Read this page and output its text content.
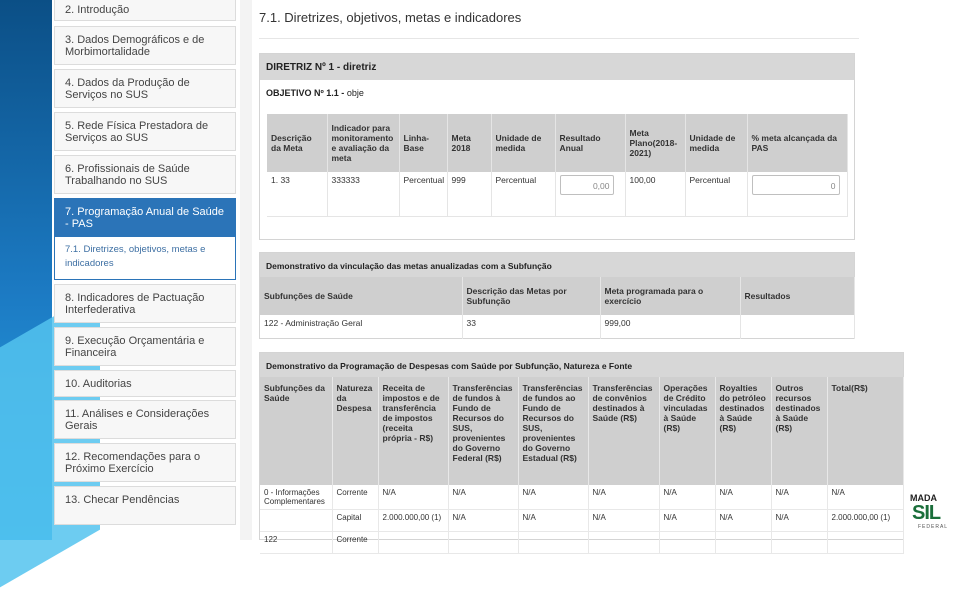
2. Introdução
3. Dados Demográficos e de Morbimortalidade
4. Dados da Produção de Serviços no SUS
5. Rede Física Prestadora de Serviços ao SUS
6. Profissionais de Saúde Trabalhando no SUS
7. Programação Anual de Saúde - PAS
7.1. Diretrizes, objetivos, metas e indicadores
8. Indicadores de Pactuação Interfederativa
9. Execução Orçamentária e Financeira
10. Auditorias
11. Análises e Considerações Gerais
12. Recomendações para o Próximo Exercício
13. Checar Pendências
7.1. Diretrizes, objetivos, metas e indicadores
DIRETRIZ Nº 1 - diretriz
OBJETIVO Nº 1.1 - obje
Descrição da Meta	Indicador para monitoramento e avaliação da meta	Linha-Base	Meta 2018	Unidade de medida	Resultado Anual	Meta Plano(2018-2021)	Unidade de medida	% meta alcançada da PAS
1. 33	333333	Percentual	999	Percentual	0,00	100,00	Percentual	0
Demonstrativo da vinculação das metas anualizadas com a Subfunção
Subfunções de Saúde	Descrição das Metas por Subfunção	Meta programada para o exercício	Resultados
122 - Administração Geral	33	999,00	
Demonstrativo da Programação de Despesas com Saúde por Subfunção, Natureza e Fonte
Subfunções da Saúde	Natureza da Despesa	Receita de impostos e de transferência de impostos (receita própria - R$)	Transferências de fundos à Fundo de Recursos do SUS, provenientes do Governo Federal (R$)	Transferências de fundos ao Fundo de Recursos do SUS, provenientes do Governo Estadual (R$)	Transferências de convênios destinados à Saúde (R$)	Operações de Crédito vinculadas à Saúde (R$)	Royalties do petróleo destinados à Saúde (R$)	Outros recursos destinados à Saúde (R$)	Total(R$)
0 - Informações Complementares	Corrente	N/A	N/A	N/A	N/A	N/A	N/A	N/A	N/A
	Capital	2.000.000,00 (1)	N/A	N/A	N/A	N/A	N/A	N/A	2.000.000,00 (1)
122	Corrente								
MADA
SIL
FEDERAL
